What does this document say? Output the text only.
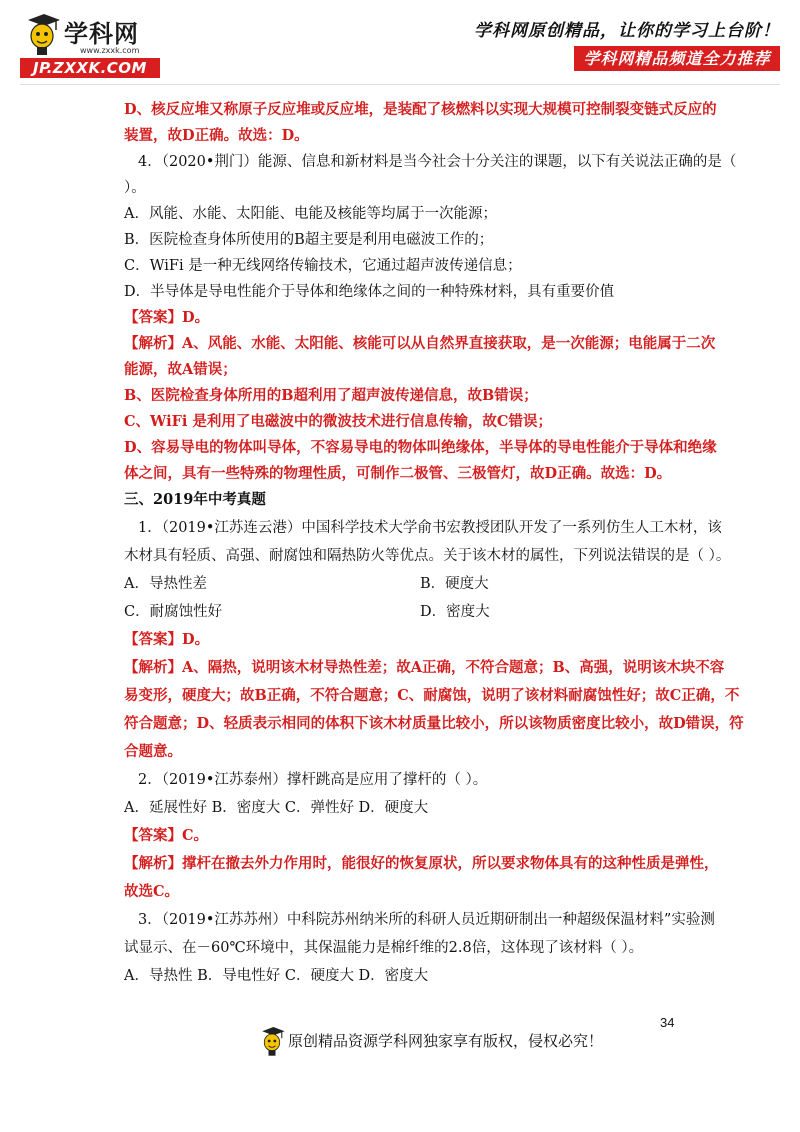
学科网
www.zxxk.com
JP.ZXXK.COM
学科网原创精品，让你的学习上台阶！
学科网精品频道全力推荐
D、核反应堆又称原子反应堆或反应堆，是装配了核燃料以实现大规模可控制裂变链式反应的
装置，故D正确。故选：D。
4．（2020•荆门）能源、信息和新材料是当今社会十分关注的课题，以下有关说法正确的是（
）。
A．风能、水能、太阳能、电能及核能等均属于一次能源；
B．医院检查身体所使用的B超主要是利用电磁波工作的；
C．WiFi 是一种无线网络传输技术，它通过超声波传递信息；
D．半导体是导电性能介于导体和绝缘体之间的一种特殊材料，具有重要价值
【答案】D。
【解析】A、风能、水能、太阳能、核能可以从自然界直接获取，是一次能源；电能属于二次
能源，故A错误；
B、医院检查身体所用的B超利用了超声波传递信息，故B错误；
C、WiFi 是利用了电磁波中的微波技术进行信息传输，故C错误；
D、容易导电的物体叫导体，不容易导电的物体叫绝缘体，半导体的导电性能介于导体和绝缘
体之间，具有一些特殊的物理性质，可制作二极管、三极管灯，故D正确。故选：D。
三、2019年中考真题
1．（2019•江苏连云港）中国科学技术大学俞书宏教授团队开发了一系列仿生人工木材，该
木材具有轻质、高强、耐腐蚀和隔热防火等优点。关于该木材的属性，下列说法错误的是（ ）。
A．导热性差	B．硬度大
C．耐腐蚀性好	D．密度大
【答案】D。
【解析】A、隔热，说明该木材导热性差；故A正确，不符合题意；B、高强，说明该木块不容
易变形，硬度大；故B正确，不符合题意；C、耐腐蚀，说明了该材料耐腐蚀性好；故C正确，不
符合题意；D、轻质表示相同的体积下该木材质量比较小，所以该物质密度比较小，故D错误，符
合题意。
2．（2019•江苏泰州）撑杆跳高是应用了撑杆的（ ）。
A．延展性好 B．密度大 C．弹性好 D．硬度大
【答案】C。
【解析】撑杆在撤去外力作用时，能很好的恢复原状，所以要求物体具有的这种性质是弹性，
故选C。
3．（2019•江苏苏州）中科院苏州纳米所的科研人员近期研制出一种超级保温材料”实验测
试显示、在－60℃环境中，其保温能力是棉纤维的2.8倍，这体现了该材料（ ）。
A．导热性 B．导电性好 C．硬度大 D．密度大
34
原创精品资源学科网独家享有版权，侵权必究！
